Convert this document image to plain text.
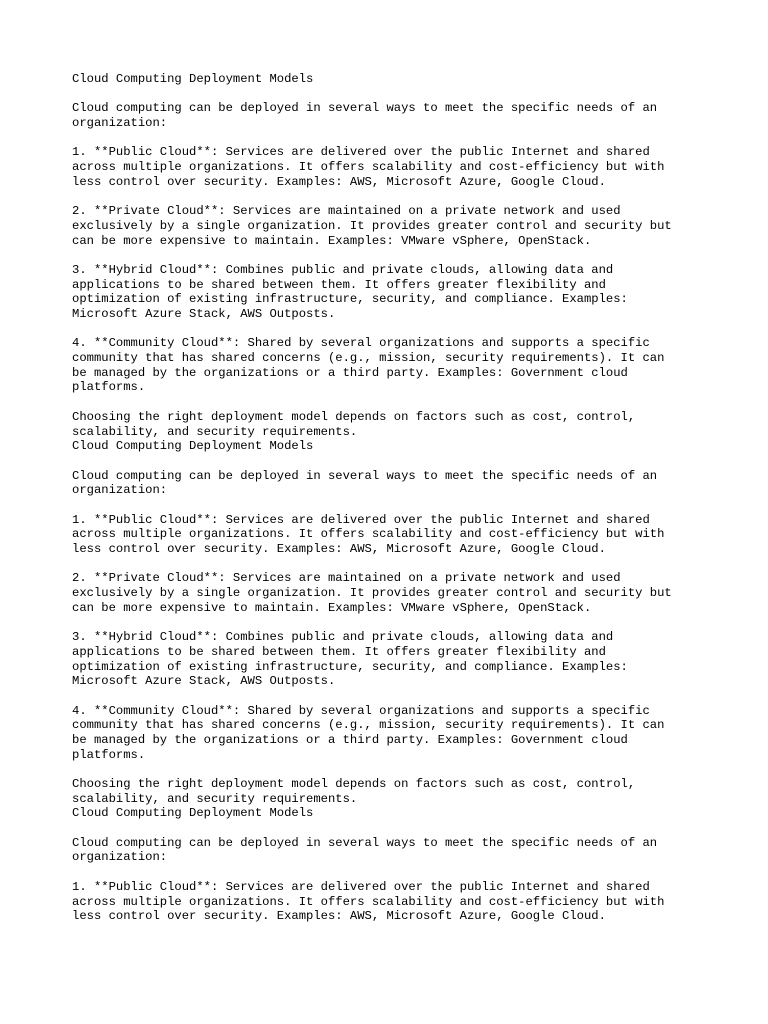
Cloud Computing Deployment Models
Cloud computing can be deployed in several ways to meet the specific needs of an
organization:
1. **Public Cloud**: Services are delivered over the public Internet and shared
across multiple organizations. It offers scalability and cost-efficiency but with
less control over security. Examples: AWS, Microsoft Azure, Google Cloud.
2. **Private Cloud**: Services are maintained on a private network and used
exclusively by a single organization. It provides greater control and security but
can be more expensive to maintain. Examples: VMware vSphere, OpenStack.
3. **Hybrid Cloud**: Combines public and private clouds, allowing data and
applications to be shared between them. It offers greater flexibility and
optimization of existing infrastructure, security, and compliance. Examples:
Microsoft Azure Stack, AWS Outposts.
4. **Community Cloud**: Shared by several organizations and supports a specific
community that has shared concerns (e.g., mission, security requirements). It can
be managed by the organizations or a third party. Examples: Government cloud
platforms.
Choosing the right deployment model depends on factors such as cost, control,
scalability, and security requirements.
Cloud Computing Deployment Models
Cloud computing can be deployed in several ways to meet the specific needs of an
organization:
1. **Public Cloud**: Services are delivered over the public Internet and shared
across multiple organizations. It offers scalability and cost-efficiency but with
less control over security. Examples: AWS, Microsoft Azure, Google Cloud.
2. **Private Cloud**: Services are maintained on a private network and used
exclusively by a single organization. It provides greater control and security but
can be more expensive to maintain. Examples: VMware vSphere, OpenStack.
3. **Hybrid Cloud**: Combines public and private clouds, allowing data and
applications to be shared between them. It offers greater flexibility and
optimization of existing infrastructure, security, and compliance. Examples:
Microsoft Azure Stack, AWS Outposts.
4. **Community Cloud**: Shared by several organizations and supports a specific
community that has shared concerns (e.g., mission, security requirements). It can
be managed by the organizations or a third party. Examples: Government cloud
platforms.
Choosing the right deployment model depends on factors such as cost, control,
scalability, and security requirements.
Cloud Computing Deployment Models
Cloud computing can be deployed in several ways to meet the specific needs of an
organization:
1. **Public Cloud**: Services are delivered over the public Internet and shared
across multiple organizations. It offers scalability and cost-efficiency but with
less control over security. Examples: AWS, Microsoft Azure, Google Cloud.
